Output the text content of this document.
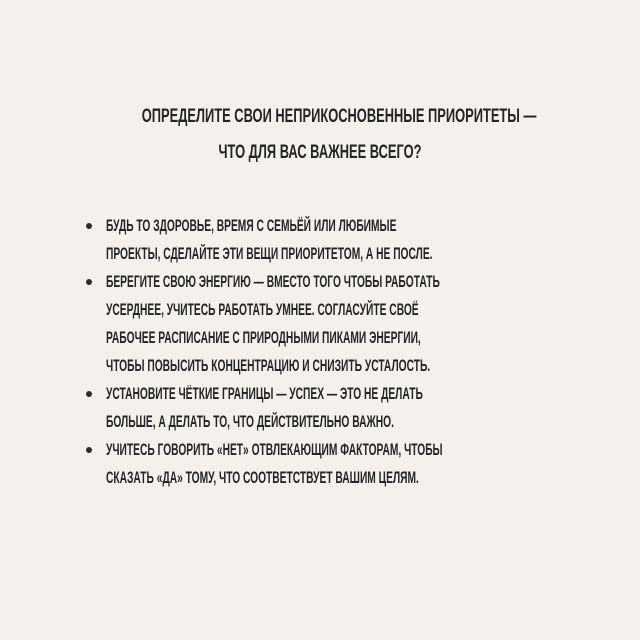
ОПРЕДЕЛИТЕ СВОИ НЕПРИКОСНОВЕННЫЕ ПРИОРИТЕТЫ —
ЧТО ДЛЯ ВАС ВАЖНЕЕ ВСЕГО?
БУДЬ ТО ЗДОРОВЬЕ, ВРЕМЯ С СЕМЬЁЙ ИЛИ ЛЮБИМЫЕ
ПРОЕКТЫ, СДЕЛАЙТЕ ЭТИ ВЕЩИ ПРИОРИТЕТОМ, А НЕ ПОСЛЕ.
БЕРЕГИТЕ СВОЮ ЭНЕРГИЮ — ВМЕСТО ТОГО ЧТОБЫ РАБОТАТЬ
УСЕРДНЕЕ, УЧИТЕСЬ РАБОТАТЬ УМНЕЕ. СОГЛАСУЙТЕ СВОЁ
РАБОЧЕЕ РАСПИСАНИЕ С ПРИРОДНЫМИ ПИКАМИ ЭНЕРГИИ,
ЧТОБЫ ПОВЫСИТЬ КОНЦЕНТРАЦИЮ И СНИЗИТЬ УСТАЛОСТЬ.
УСТАНОВИТЕ ЧЁТКИЕ ГРАНИЦЫ — УСПЕХ — ЭТО НЕ ДЕЛАТЬ
БОЛЬШЕ, А ДЕЛАТЬ ТО, ЧТО ДЕЙСТВИТЕЛЬНО ВАЖНО.
УЧИТЕСЬ ГОВОРИТЬ «НЕТ» ОТВЛЕКАЮЩИМ ФАКТОРАМ, ЧТОБЫ
СКАЗАТЬ «ДА» ТОМУ, ЧТО СООТВЕТСТВУЕТ ВАШИМ ЦЕЛЯМ.
